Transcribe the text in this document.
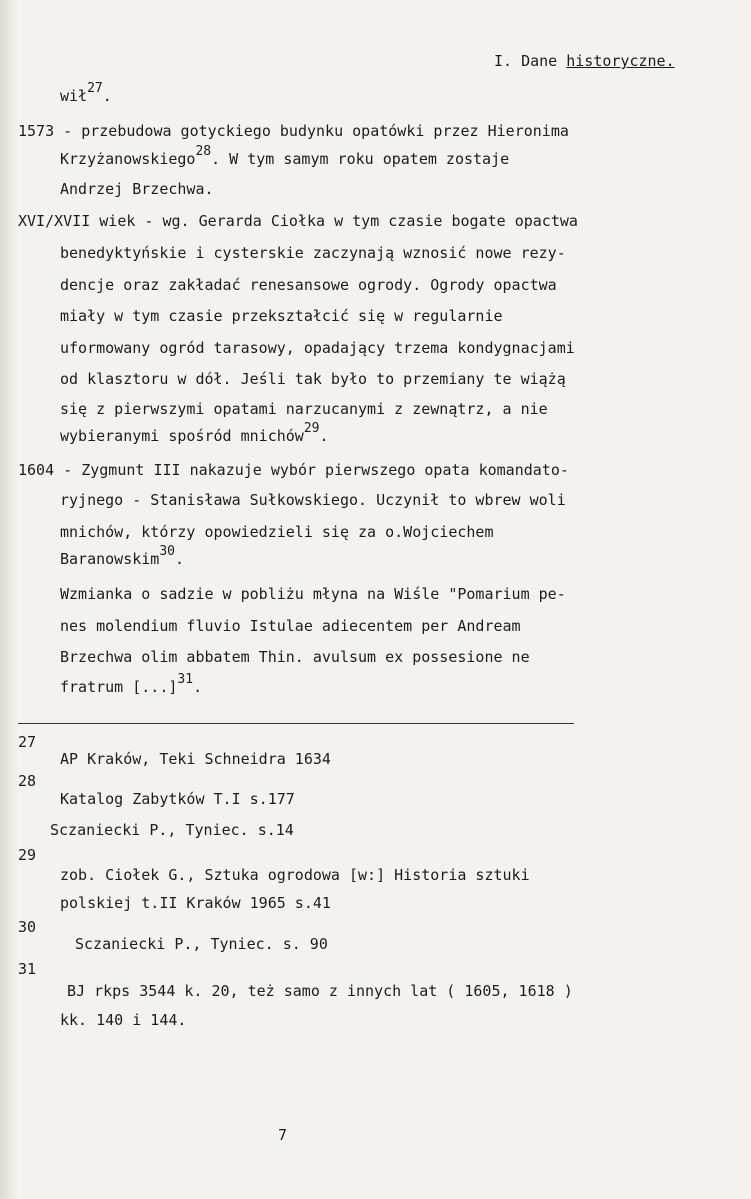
I. Dane historyczne.
wił$^{27}$.
1573 - przebudowa gotyckiego budynku opatówki przez Hieronima
Krzyżanowskiego$^{28}$. W tym samym roku opatem zostaje
Andrzej Brzechwa.
XVI/XVII wiek - wg. Gerarda Ciołka w tym czasie bogate opactwa
benedyktyńskie i cysterskie zaczynają wznosić nowe rezy-
dencje oraz zakładać renesansowe ogrody. Ogrody opactwa
miały w tym czasie przekształcić się w regularnie
uformowany ogród tarasowy, opadający trzema kondygnacjami
od klasztoru w dół. Jeśli tak było to przemiany te wiążą
się z pierwszymi opatami narzucanymi z zewnątrz, a nie
wybieranymi spośród mnichów$^{29}$.
1604 - Zygmunt III nakazuje wybór pierwszego opata komandato-
ryjnego - Stanisława Sułkowskiego. Uczynił to wbrew woli
mnichów, którzy opowiedzieli się za o.Wojciechem
Baranowskim$^{30}$.
Wzmianka o sadzie w pobliżu młyna na Wiśle "Pomarium pe-
nes molendium fluvio Istulae adiecentem per Andream
Brzechwa olim abbatem Thin. avulsum ex possesione ne
fratrum [...]$^{31}$.
27
AP Kraków, Teki Schneidra 1634
28
Katalog Zabytków T.I s.177
Sczaniecki P., Tyniec. s.14
29
zob. Ciołek G., Sztuka ogrodowa [w:] Historia sztuki
polskiej t.II Kraków 1965 s.41
30
Sczaniecki P., Tyniec. s. 90
31
BJ rkps 3544 k. 20, też samo z innych lat ( 1605, 1618 )
kk. 140 i 144.
7
